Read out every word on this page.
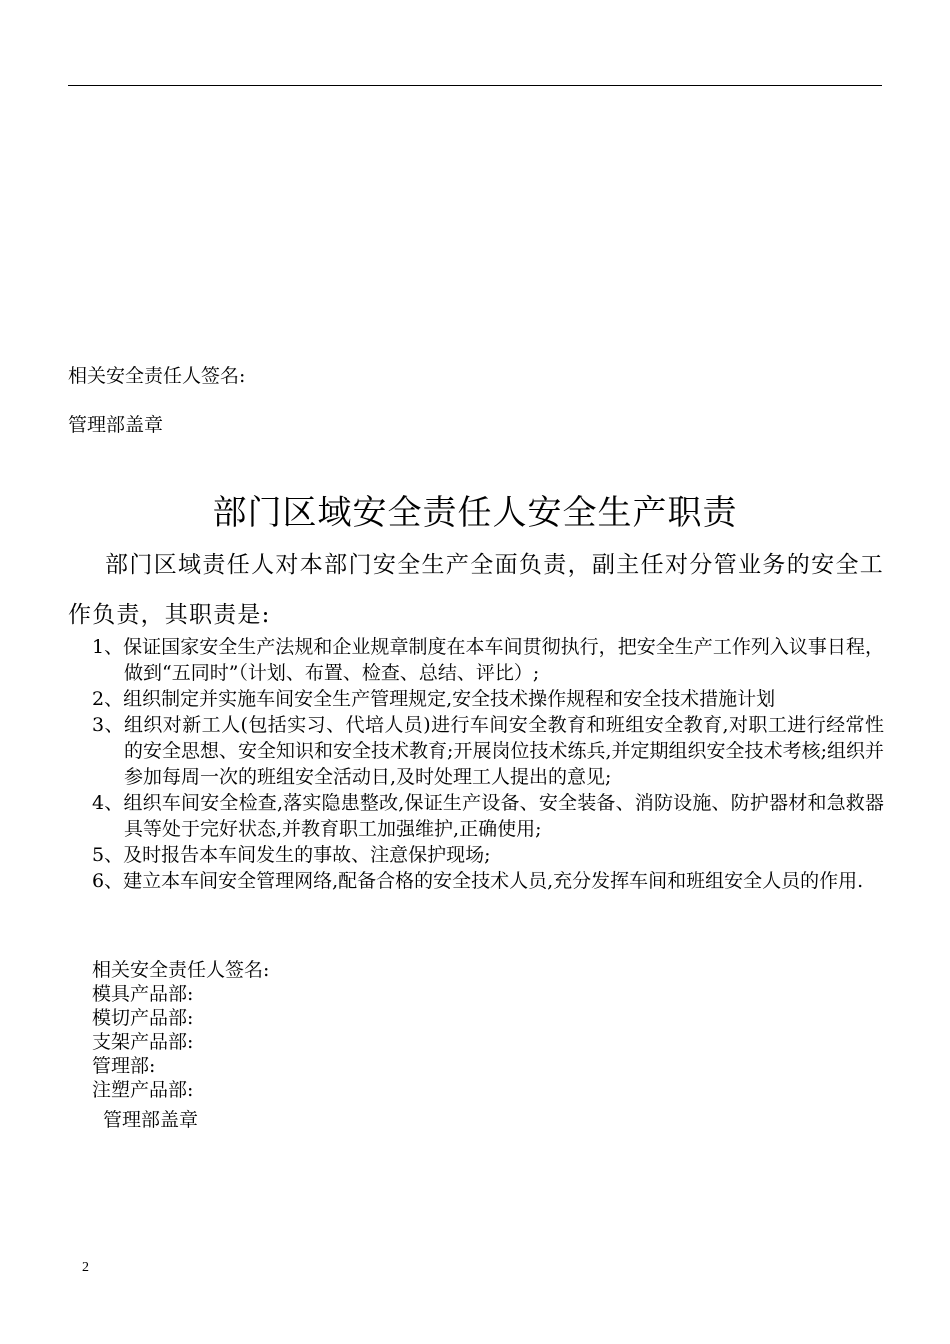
相关安全责任人签名:
管理部盖章
部门区域安全责任人安全生产职责

部门区域责任人对本部门安全生产全面负责，副主任对分管业务的安全工作负责，其职责是:

1、保证国家安全生产法规和企业规章制度在本车间贯彻执行，把安全生产工作列入议事日程，做到“五同时”（计划、布置、检查、总结、评比）;
2、组织制定并实施车间安全生产管理规定,安全技术操作规程和安全技术措施计划
3、组织对新工人(包括实习、代培人员)进行车间安全教育和班组安全教育,对职工进行经常性的安全思想、安全知识和安全技术教育;开展岗位技术练兵,并定期组织安全技术考核;组织并参加每周一次的班组安全活动日,及时处理工人提出的意见;
4、组织车间安全检查,落实隐患整改,保证生产设备、安全装备、消防设施、防护器材和急救器具等处于完好状态,并教育职工加强维护,正确使用;
5、及时报告本车间发生的事故、注意保护现场;
6、建立本车间安全管理网络,配备合格的安全技术人员,充分发挥车间和班组安全人员的作用.
相关安全责任人签名:
模具产品部:
模切产品部:
支架产品部:
管理部:
注塑产品部:
管理部盖章
2
